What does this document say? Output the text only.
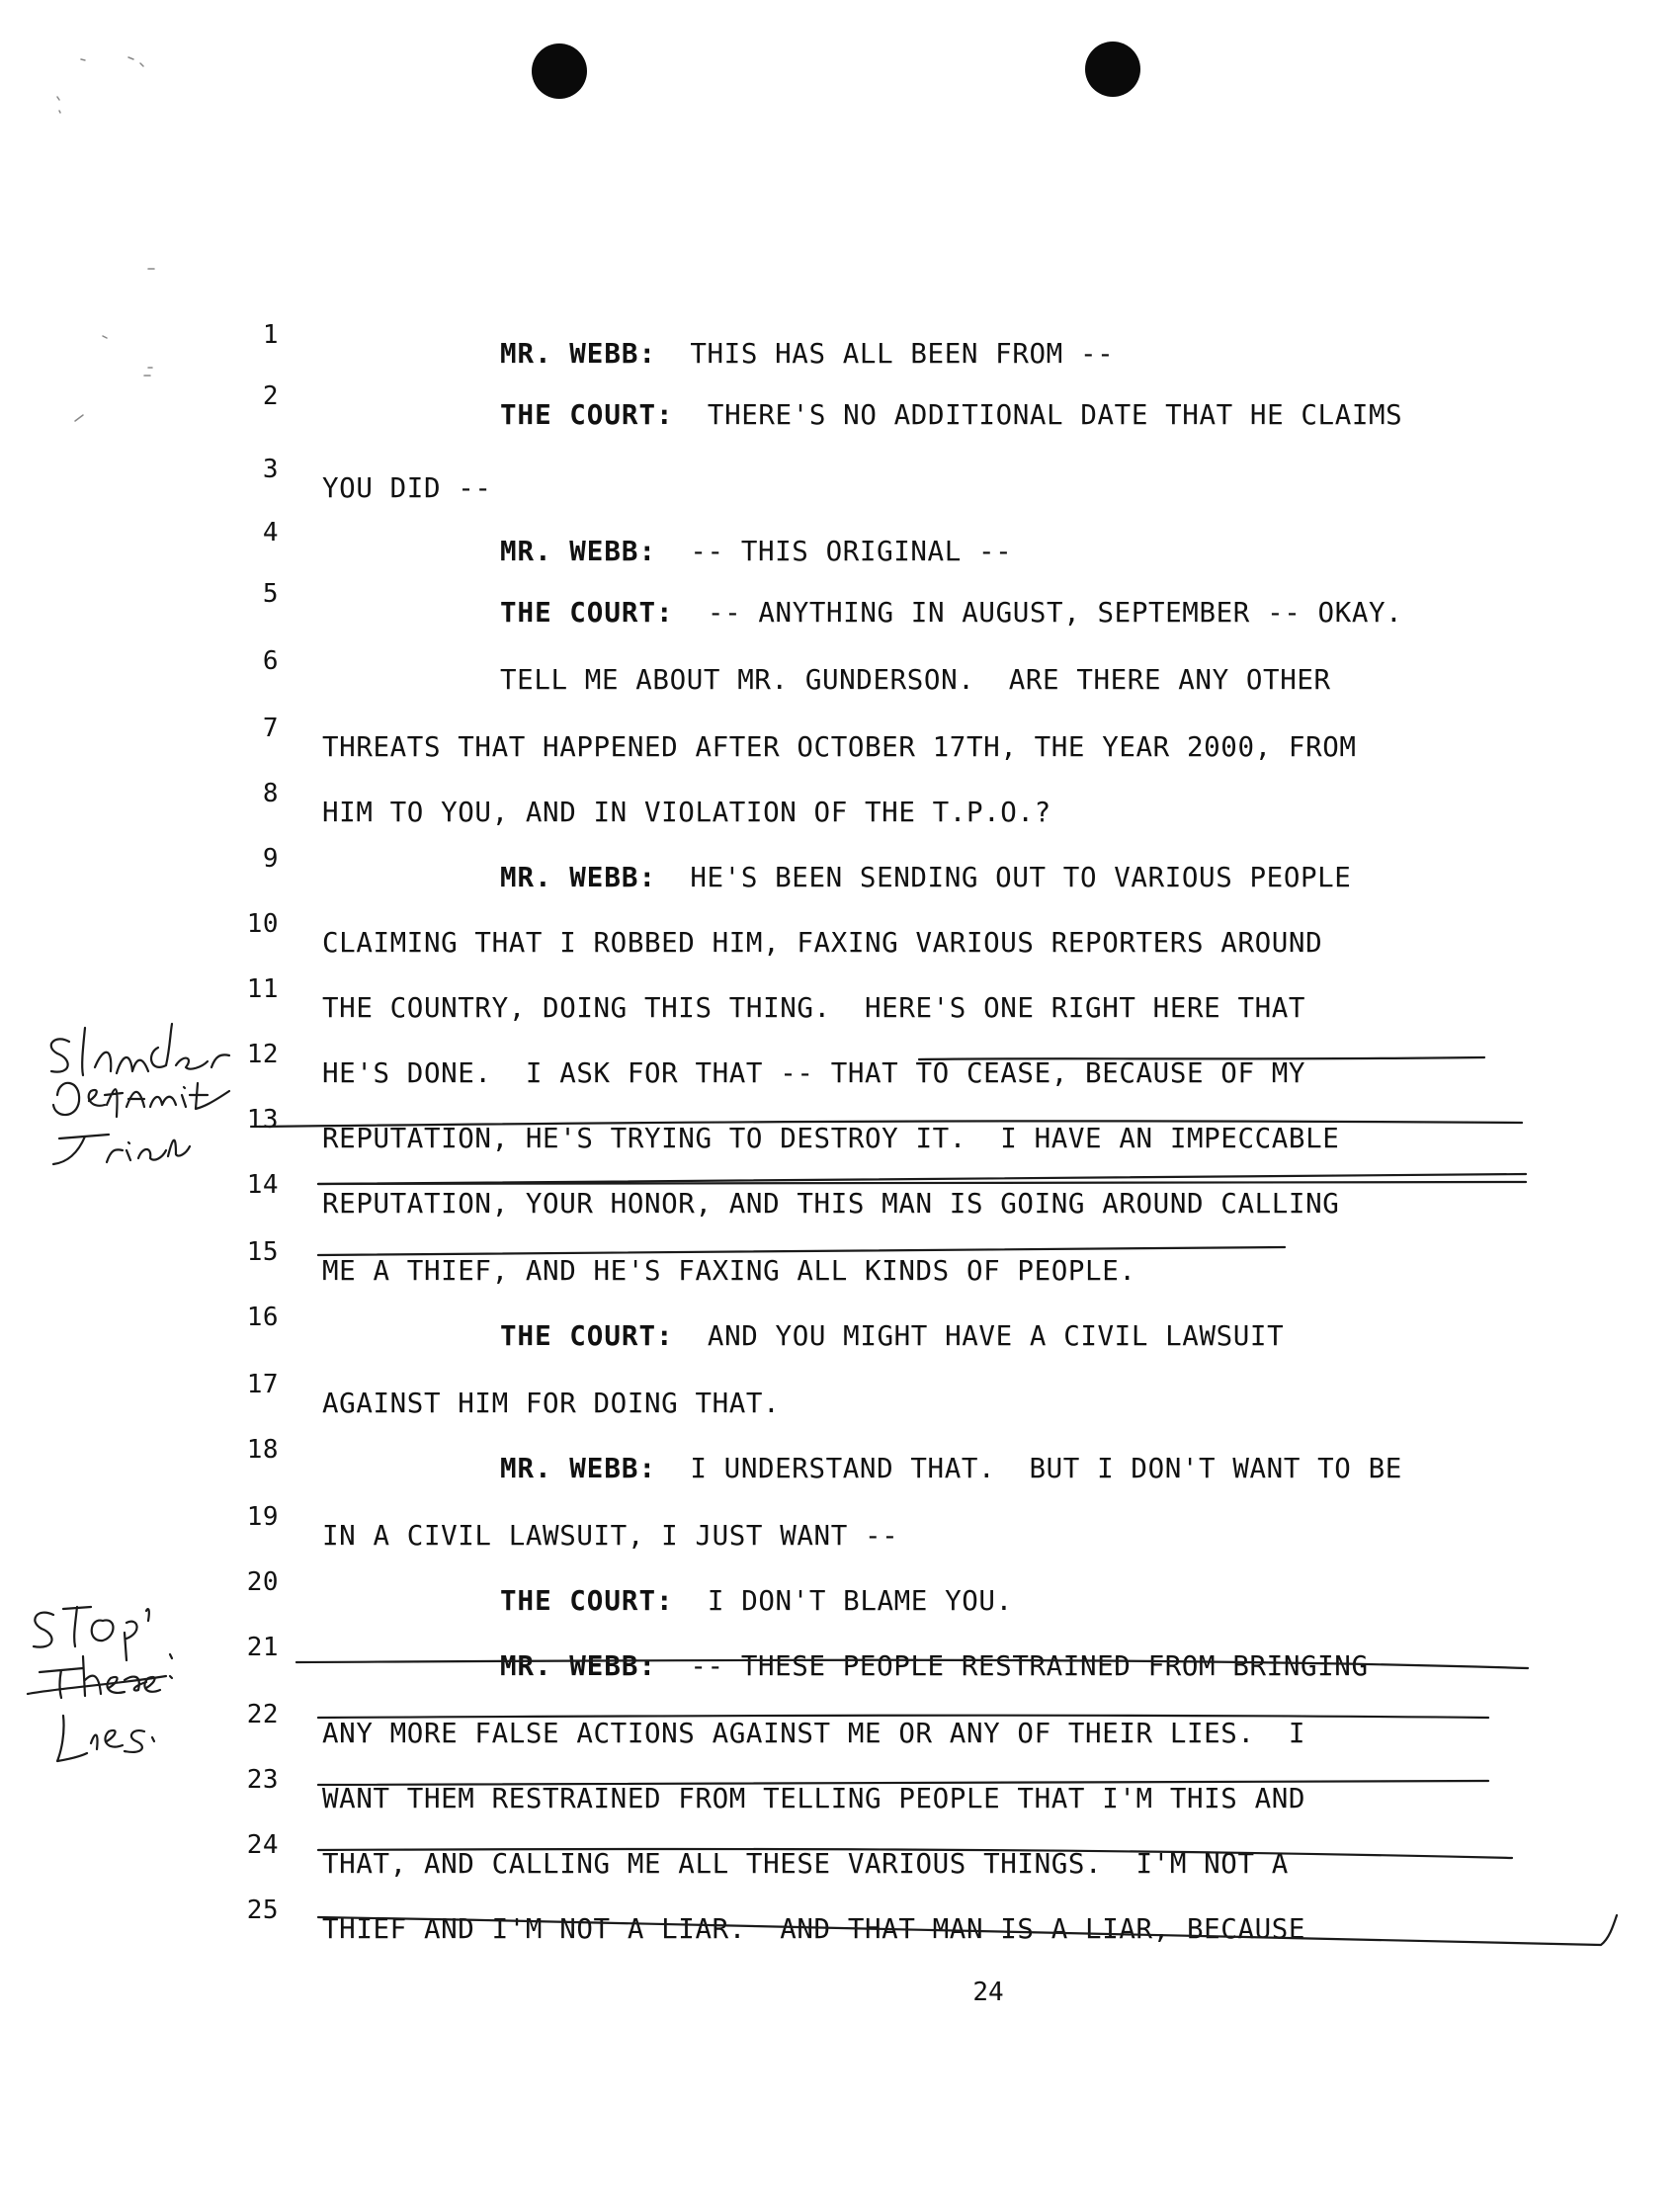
1

MR. WEBB: THIS HAS ALL BEEN FROM --

2

THE COURT: THERE'S NO ADDITIONAL DATE THAT HE CLAIMS

3

YOU DID --

4

MR. WEBB: -- THIS ORIGINAL --

5

THE COURT: -- ANYTHING IN AUGUST, SEPTEMBER -- OKAY.

6

TELL ME ABOUT MR. GUNDERSON.  ARE THERE ANY OTHER

7

THREATS THAT HAPPENED AFTER OCTOBER 17TH, THE YEAR 2000, FROM

8

HIM TO YOU, AND IN VIOLATION OF THE T.P.O.?

9

MR. WEBB: HE'S BEEN SENDING OUT TO VARIOUS PEOPLE

10

CLAIMING THAT I ROBBED HIM, FAXING VARIOUS REPORTERS AROUND

11

THE COUNTRY, DOING THIS THING.  HERE'S ONE RIGHT HERE THAT

12

HE'S DONE.  I ASK FOR THAT -- THAT TO CEASE, BECAUSE OF MY

13

REPUTATION, HE'S TRYING TO DESTROY IT.  I HAVE AN IMPECCABLE

14

REPUTATION, YOUR HONOR, AND THIS MAN IS GOING AROUND CALLING

15

ME A THIEF, AND HE'S FAXING ALL KINDS OF PEOPLE.

16

THE COURT: AND YOU MIGHT HAVE A CIVIL LAWSUIT

17

AGAINST HIM FOR DOING THAT.

18

MR. WEBB: I UNDERSTAND THAT.  BUT I DON'T WANT TO BE

19

IN A CIVIL LAWSUIT, I JUST WANT --

20

THE COURT: I DON'T BLAME YOU.

21

MR. WEBB: -- THESE PEOPLE RESTRAINED FROM BRINGING

22

ANY MORE FALSE ACTIONS AGAINST ME OR ANY OF THEIR LIES.  I

23

WANT THEM RESTRAINED FROM TELLING PEOPLE THAT I'M THIS AND

24

THAT, AND CALLING ME ALL THESE VARIOUS THINGS.  I'M NOT A

25

THIEF AND I'M NOT A LIAR.  AND THAT MAN IS A LIAR, BECAUSE

24
